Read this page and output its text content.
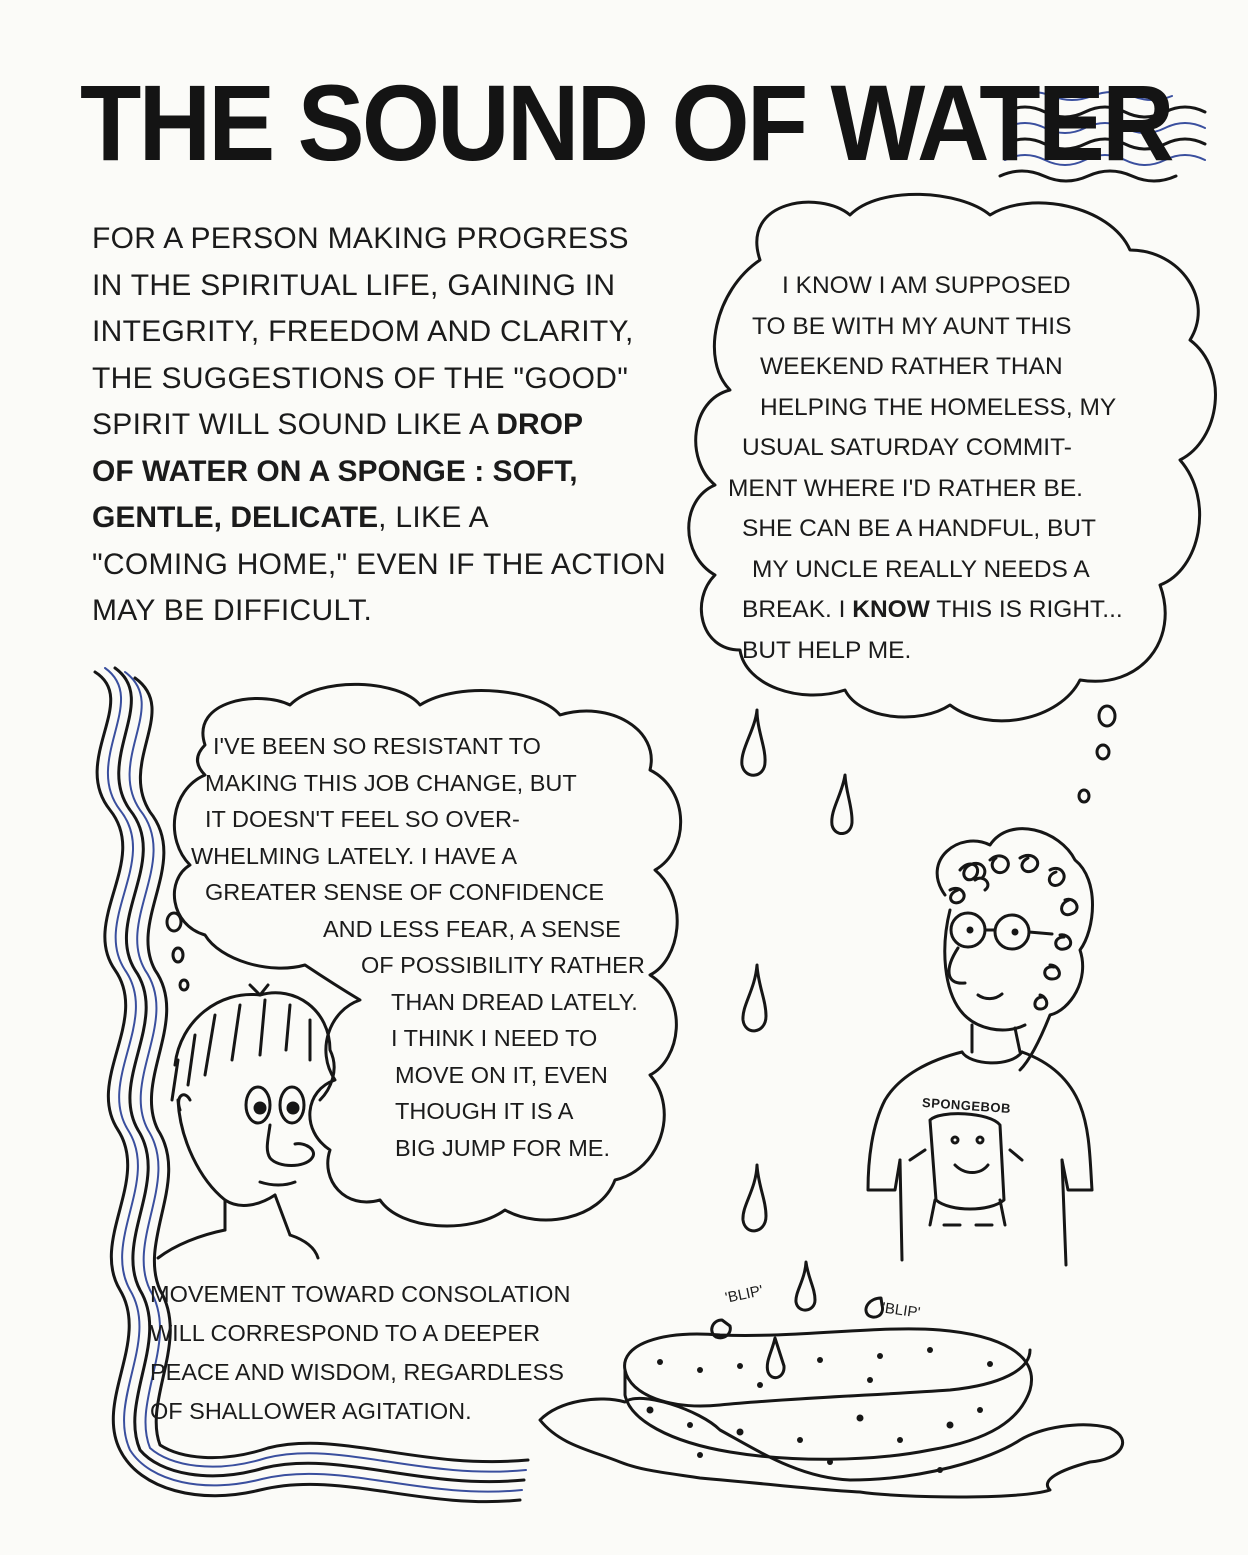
THE SOUND OF WATER
FOR A PERSON MAKING PROGRESS
IN THE SPIRITUAL LIFE, GAINING IN
INTEGRITY, FREEDOM AND CLARITY,
THE SUGGESTIONS OF THE "GOOD"
SPIRIT WILL SOUND LIKE A DROP
OF WATER ON A SPONGE : SOFT,
GENTLE, DELICATE, LIKE A
"COMING HOME," EVEN IF THE ACTION
MAY BE DIFFICULT.
I KNOW I AM SUPPOSED
TO BE WITH MY AUNT THIS
WEEKEND RATHER THAN
HELPING THE HOMELESS, MY
USUAL SATURDAY COMMIT-
MENT WHERE I'D RATHER BE.
SHE CAN BE A HANDFUL, BUT
MY UNCLE REALLY NEEDS A
BREAK. I KNOW THIS IS RIGHT...
BUT HELP ME.
I'VE BEEN SO RESISTANT TO
MAKING THIS JOB CHANGE, BUT
IT DOESN'T FEEL SO OVER-
WHELMING LATELY. I HAVE A
GREATER SENSE OF CONFIDENCE
AND LESS FEAR, A SENSE
OF POSSIBILITY RATHER
THAN DREAD LATELY.
I THINK I NEED TO
MOVE ON IT, EVEN
THOUGH IT IS A
BIG JUMP FOR ME.
MOVEMENT TOWARD CONSOLATION
WILL CORRESPOND TO A DEEPER
PEACE AND WISDOM, REGARDLESS
OF SHALLOWER AGITATION.
'BLIP'
'BLIP'
SPONGEBOB
